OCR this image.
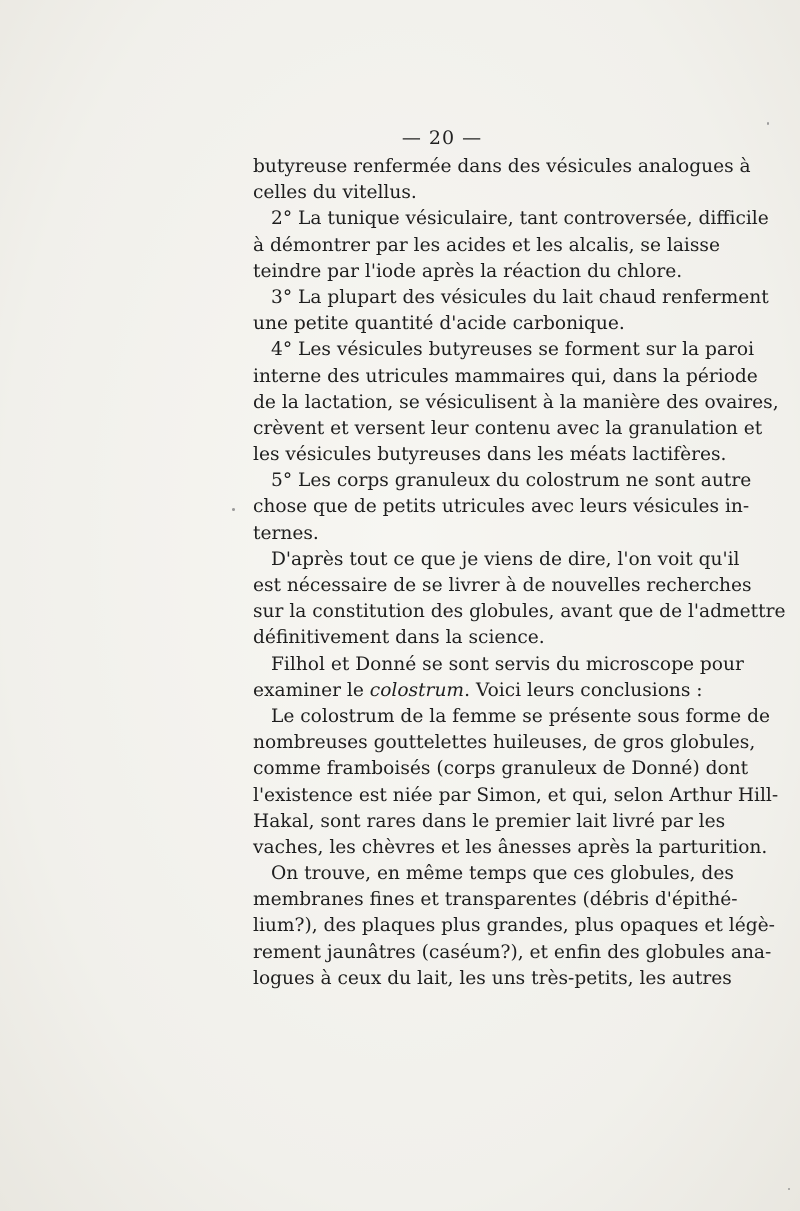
— 20 —
butyreuse renfermée dans des vésicules analogues à
celles du vitellus.
2° La tunique vésiculaire, tant controversée, difficile
à démontrer par les acides et les alcalis, se laisse
teindre par l'iode après la réaction du chlore.
3° La plupart des vésicules du lait chaud renferment
une petite quantité d'acide carbonique.
4° Les vésicules butyreuses se forment sur la paroi
interne des utricules mammaires qui, dans la période
de la lactation, se vésiculisent à la manière des ovaires,
crèvent et versent leur contenu avec la granulation et
les vésicules butyreuses dans les méats lactifères.
5° Les corps granuleux du colostrum ne sont autre
chose que de petits utricules avec leurs vésicules in-
ternes.
D'après tout ce que je viens de dire, l'on voit qu'il
est nécessaire de se livrer à de nouvelles recherches
sur la constitution des globules, avant que de l'admettre
définitivement dans la science.
Filhol et Donné se sont servis du microscope pour
examiner le colostrum. Voici leurs conclusions :
Le colostrum de la femme se présente sous forme de
nombreuses gouttelettes huileuses, de gros globules,
comme framboisés (corps granuleux de Donné) dont
l'existence est niée par Simon, et qui, selon Arthur Hill-
Hakal, sont rares dans le premier lait livré par les
vaches, les chèvres et les ânesses après la parturition.
On trouve, en même temps que ces globules, des
membranes fines et transparentes (débris d'épithé-
lium?), des plaques plus grandes, plus opaques et légè-
rement jaunâtres (caséum?), et enfin des globules ana-
logues à ceux du lait, les uns très-petits, les autres
